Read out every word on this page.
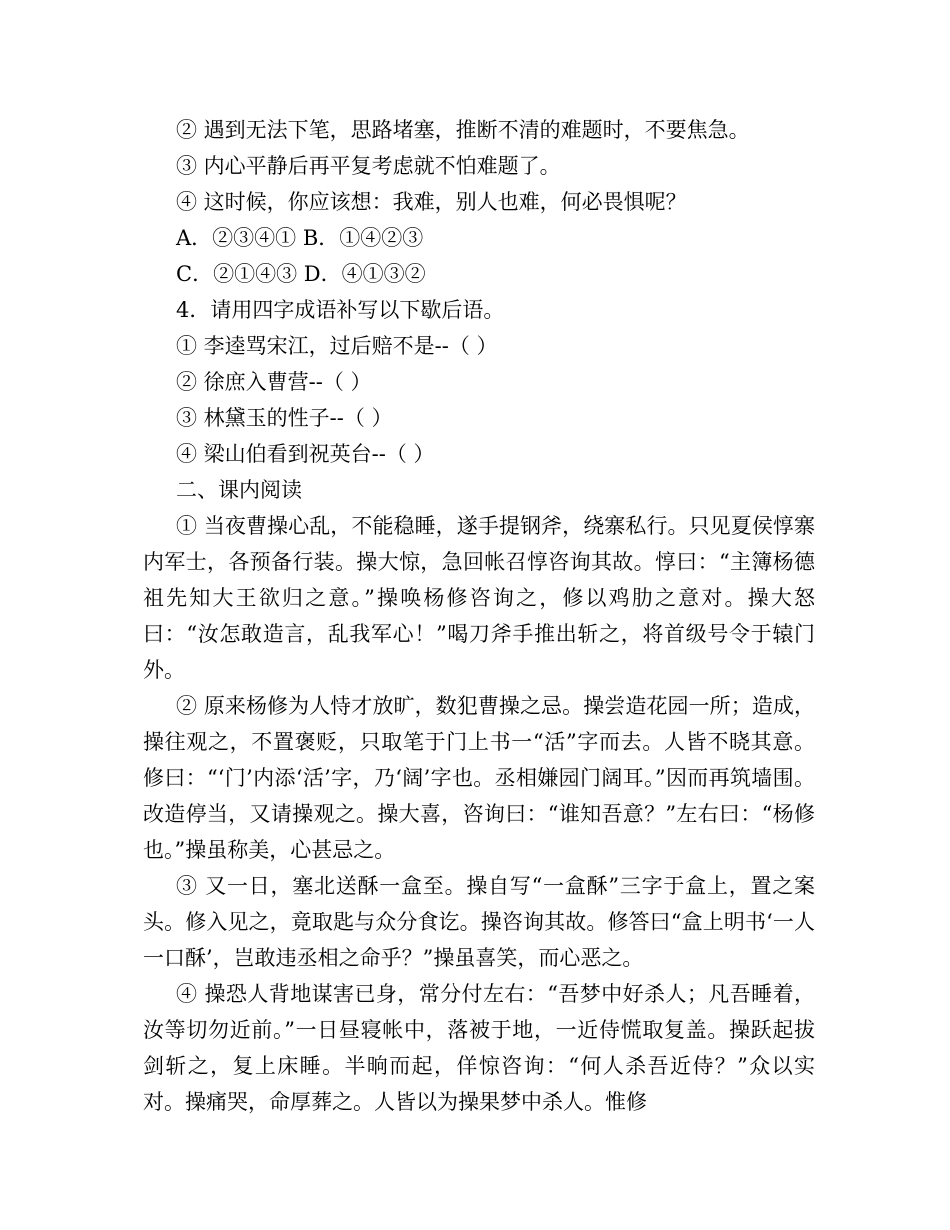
② 遇到无法下笔，思路堵塞，推断不清的难题时，不要焦急。
③ 内心平静后再平复考虑就不怕难题了。
④ 这时候，你应该想：我难，别人也难，何必畏惧呢？
A．②③④① B．①④②③
C．②①④③ D．④①③②
4．请用四字成语补写以下歇后语。
① 李逵骂宋江，过后赔不是--（ ）
② 徐庶入曹营--（ ）
③ 林黛玉的性子--（ ）
④ 梁山伯看到祝英台--（ ）
二、课内阅读
① 当夜曹操心乱，不能稳睡，遂手提钢斧，绕寨私行。只见夏侯惇寨内军士，各预备行装。操大惊，急回帐召惇咨询其故。惇曰：“主簿杨德祖先知大王欲归之意。”操唤杨修咨询之，修以鸡肋之意对。操大怒曰：“汝怎敢造言，乱我军心！”喝刀斧手推出斩之，将首级号令于辕门外。
② 原来杨修为人恃才放旷，数犯曹操之忌。操尝造花园一所；造成，操往观之，不置褒贬，只取笔于门上书一“活”字而去。人皆不晓其意。修曰：“‘门’内添‘活’字，乃‘阔’字也。丞相嫌园门阔耳。”因而再筑墙围。改造停当，又请操观之。操大喜，咨询曰：“谁知吾意？”左右曰：“杨修也。”操虽称美，心甚忌之。
③ 又一日，塞北送酥一盒至。操自写“一盒酥”三字于盒上，置之案头。修入见之，竟取匙与众分食讫。操咨询其故。修答曰“盒上明书‘一人一口酥’，岂敢违丞相之命乎？”操虽喜笑，而心恶之。
④ 操恐人背地谋害已身，常分付左右：“吾梦中好杀人；凡吾睡着，汝等切勿近前。”一日昼寝帐中，落被于地，一近侍慌取复盖。操跃起拔剑斩之，复上床睡。半晌而起，佯惊咨询：“何人杀吾近侍？”众以实对。操痛哭，命厚葬之。人皆以为操果梦中杀人。惟修
